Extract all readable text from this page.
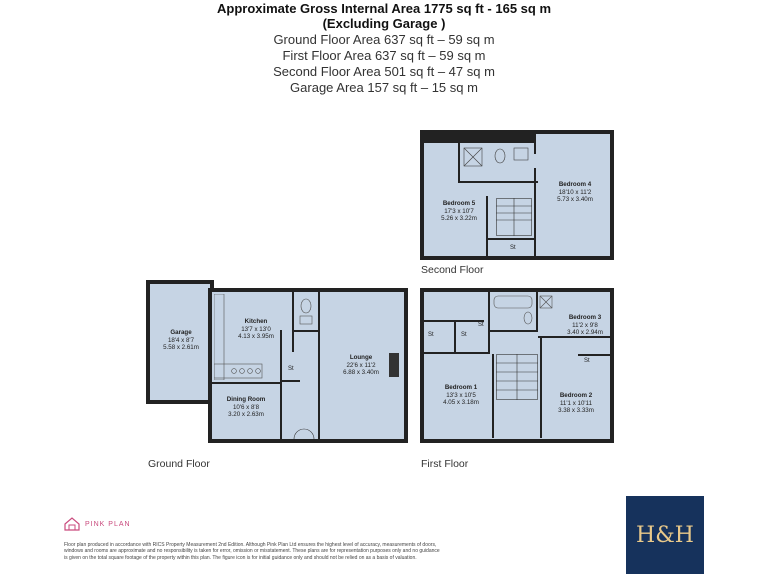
Approximate Gross Internal Area 1775 sq ft - 165 sq m
(Excluding Garage )
Ground Floor Area 637 sq ft – 59 sq m
First Floor Area 637 sq ft – 59 sq m
Second Floor Area 501 sq ft – 47 sq m
Garage Area 157 sq ft – 15 sq m
Bedroom 5
17'3 x 10'7
5.26 x 3.22m
Bedroom 4
18'10 x 11'2
5.73 x 3.40m
St
Second Floor
Garage
18'4 x 8'7
5.58 x 2.61m
Kitchen
13'7 x 13'0
4.13 x 3.95m
Dining Room
10'6 x 8'8
3.20 x 2.63m
Lounge
22'6 x 11'2
6.88 x 3.40m
St
Ground Floor
Bedroom 1
13'3 x 10'5
4.05 x 3.18m
Bedroom 2
11'1 x 10'11
3.38 x 3.33m
Bedroom 3
11'2 x 9'8
3.40 x 2.94m
St	St
St
St
First Floor
PINK PLAN
Floor plan produced in accordance with RICS Property Measurement 2nd Edition. Although Pink Plan Ltd ensures the highest level of accuracy, measurements of doors, windows and rooms are approximate and no responsibility is taken for error, omission or misstatement. These plans are for representation purposes only and no guidance is given on the total square footage of the property within this plan. The figure icon is for initial guidance only and should not be relied on as a basis of valuation.
H&H
